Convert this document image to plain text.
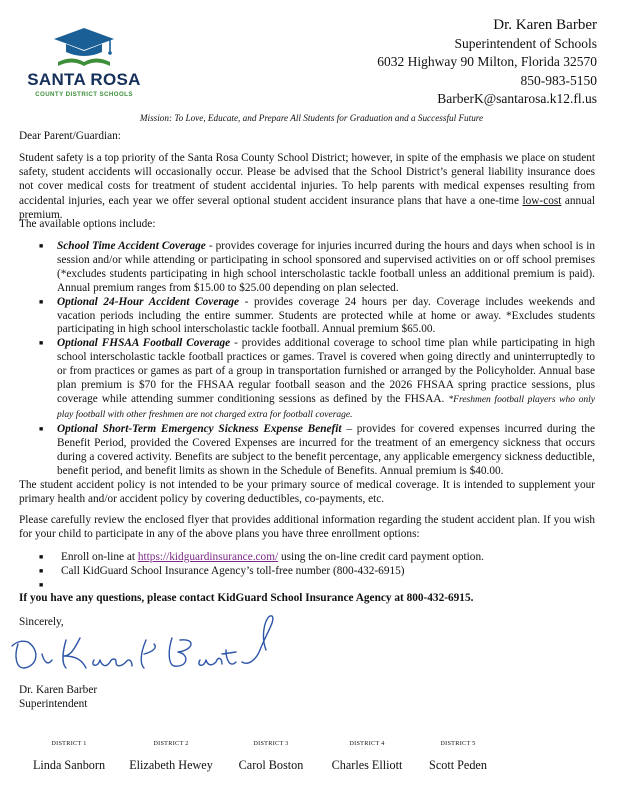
SANTA ROSA
COUNTY DISTRICT SCHOOLS
Dr. Karen Barber
Superintendent of Schools
6032 Highway 90 Milton, Florida 32570
850-983-5150
BarberK@santarosa.k12.fl.us
Mission: To Love, Educate, and Prepare All Students for Graduation and a Successful Future
Dear Parent/Guardian:
Student safety is a top priority of the Santa Rosa County School District; however, in spite of the emphasis we place on student safety, student accidents will occasionally occur. Please be advised that the School District’s general liability insurance does not cover medical costs for treatment of student accidental injuries. To help parents with medical expenses resulting from accidental injuries, each year we offer several optional student accident insurance plans that have a one-time low-cost annual premium.
The available options include:
■ School Time Accident Coverage - provides coverage for injuries incurred during the hours and days when school is in session and/or while attending or participating in school sponsored and supervised activities on or off school premises (*excludes students participating in high school interscholastic tackle football unless an additional premium is paid). Annual premium ranges from $15.00 to $25.00 depending on plan selected.
■ Optional 24-Hour Accident Coverage - provides coverage 24 hours per day. Coverage includes weekends and vacation periods including the entire summer. Students are protected while at home or away. *Excludes students participating in high school interscholastic tackle football. Annual premium $65.00.
■ Optional FHSAA Football Coverage - provides additional coverage to school time plan while participating in high school interscholastic tackle football practices or games. Travel is covered when going directly and uninterruptedly to or from practices or games as part of a group in transportation furnished or arranged by the Policyholder. Annual base plan premium is $70 for the FHSAA regular football season and the 2026 FHSAA spring practice sessions, plus coverage while attending summer conditioning sessions as defined by the FHSAA. *Freshmen football players who only play football with other freshmen are not charged extra for football coverage.
■ Optional Short-Term Emergency Sickness Expense Benefit – provides for covered expenses incurred during the Benefit Period, provided the Covered Expenses are incurred for the treatment of an emergency sickness that occurs during a covered activity. Benefits are subject to the benefit percentage, any applicable emergency sickness deductible, benefit period, and benefit limits as shown in the Schedule of Benefits. Annual premium is $40.00.
The student accident policy is not intended to be your primary source of medical coverage. It is intended to supplement your primary health and/or accident policy by covering deductibles, co-payments, etc.
Please carefully review the enclosed flyer that provides additional information regarding the student accident plan. If you wish for your child to participate in any of the above plans you have three enrollment options:
■ Enroll on-line at https://kidguardinsurance.com/ using the on-line credit card payment option.
■ Call KidGuard School Insurance Agency’s toll-free number (800-432-6915)
■
If you have any questions, please contact KidGuard School Insurance Agency at 800-432-6915.
Sincerely,
Dr. Karen Barber
Superintendent
DISTRICT 1
Linda Sanborn
DISTRICT 2
Elizabeth Hewey
DISTRICT 3
Carol Boston
DISTRICT 4
Charles Elliott
DISTRICT 5
Scott Peden
